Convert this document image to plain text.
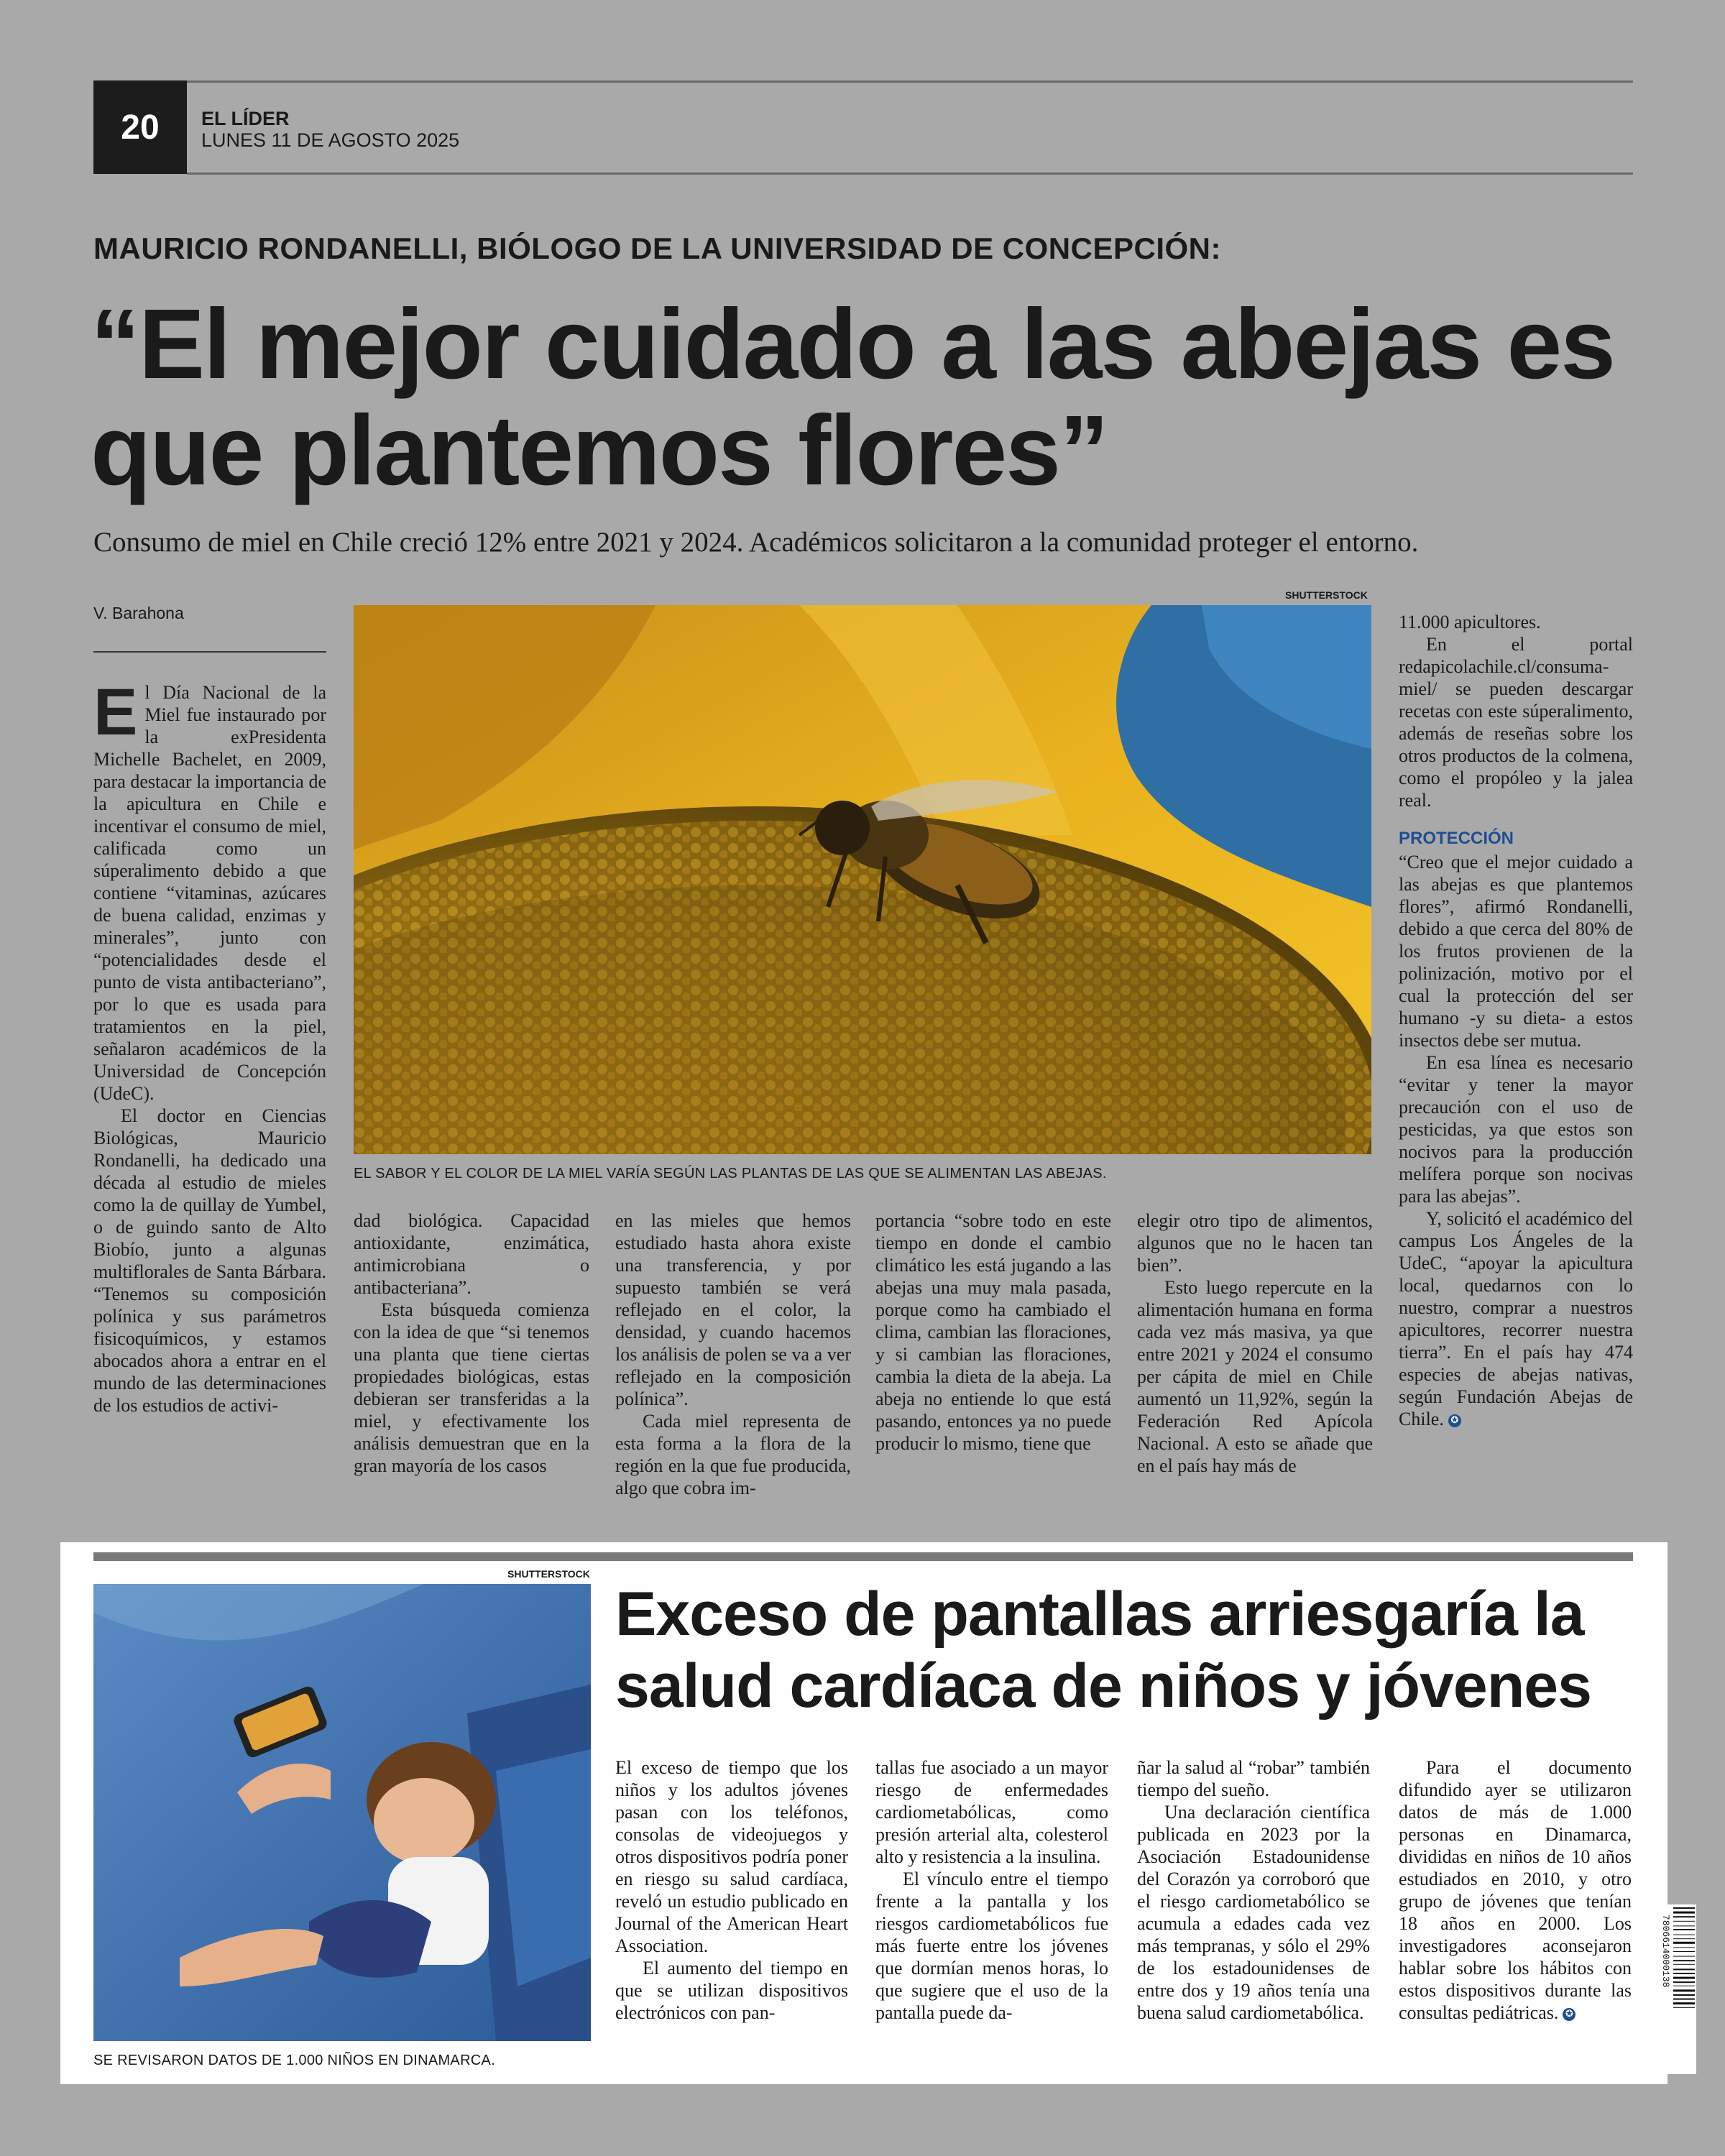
20	EL LÍDER
LUNES 11 DE AGOSTO 2025
MAURICIO RONDANELLI, BIÓLOGO DE LA UNIVERSIDAD DE CONCEPCIÓN:
“El mejor cuidado a las abejas es que plantemos flores”
Consumo de miel en Chile creció 12% entre 2021 y 2024. Académicos solicitaron a la comunidad proteger el entorno.
V. Barahona
SHUTTERSTOCK
EL SABOR Y EL COLOR DE LA MIEL VARÍA SEGÚN LAS PLANTAS DE LAS QUE SE ALIMENTAN LAS ABEJAS.

El Día Nacional de la Miel fue instaurado por la exPresidenta Michelle Bachelet, en 2009, para destacar la importancia de la apicultura en Chile e incentivar el consumo de miel, calificada como un súperalimento debido a que contiene “vitaminas, azúcares de buena calidad, enzimas y minerales”, junto con “potencialidades desde el punto de vista antibacteriano”, por lo que es usada para tratamientos en la piel, señalaron académicos de la Universidad de Concepción (UdeC).

El doctor en Ciencias Biológicas, Mauricio Rondanelli, ha dedicado una década al estudio de mieles como la de quillay de Yumbel, o de guindo santo de Alto Biobío, junto a algunas multiflorales de Santa Bárbara. “Tenemos su composición polínica y sus parámetros fisicoquímicos, y estamos abocados ahora a entrar en el mundo de las determinaciones de los estudios de activi-

dad biológica. Capacidad antioxidante, enzimática, antimicrobiana o antibacteriana”.

Esta búsqueda comienza con la idea de que “si tenemos una planta que tiene ciertas propiedades biológicas, estas debieran ser transferidas a la miel, y efectivamente los análisis demuestran que en la gran mayoría de los casos

en las mieles que hemos estudiado hasta ahora existe una transferencia, y por supuesto también se verá reflejado en el color, la densidad, y cuando hacemos los análisis de polen se va a ver reflejado en la composición polínica”.

Cada miel representa de esta forma a la flora de la región en la que fue producida, algo que cobra im-

portancia “sobre todo en este tiempo en donde el cambio climático les está jugando a las abejas una muy mala pasada, porque como ha cambiado el clima, cambian las floraciones, y si cambian las floraciones, cambia la dieta de la abeja. La abeja no entiende lo que está pasando, entonces ya no puede producir lo mismo, tiene que

elegir otro tipo de alimentos, algunos que no le hacen tan bien”.

Esto luego repercute en la alimentación humana en forma cada vez más masiva, ya que entre 2021 y 2024 el consumo per cápita de miel en Chile aumentó un 11,92%, según la Federación Red Apícola Nacional. A esto se añade que en el país hay más de

11.000 apicultores.

En el portal redapicolachile.cl/consuma-miel/ se pueden descargar recetas con este súperalimento, además de reseñas sobre los otros productos de la colmena, como el propóleo y la jalea real.

PROTECCIÓN

“Creo que el mejor cuidado a las abejas es que plantemos flores”, afirmó Rondanelli, debido a que cerca del 80% de los frutos provienen de la polinización, motivo por el cual la protección del ser humano -y su dieta- a estos insectos debe ser mutua.

En esa línea es necesario “evitar y tener la mayor precaución con el uso de pesticidas, ya que estos son nocivos para la producción melífera porque son nocivas para las abejas”.

Y, solicitó el académico del campus Los Ángeles de la UdeC, “apoyar la apicultura local, quedarnos con lo nuestro, comprar a nuestros apicultores, recorrer nuestra tierra”. En el país hay 474 especies de abejas nativas, según Fundación Abejas de Chile. ✪

SHUTTERSTOCK
SE REVISARON DATOS DE 1.000 NIÑOS EN DINAMARCA.
Exceso de pantallas arriesgaría la salud cardíaca de niños y jóvenes

El exceso de tiempo que los niños y los adultos jóvenes pasan con los teléfonos, consolas de videojuegos y otros dispositivos podría poner en riesgo su salud cardíaca, reveló un estudio publicado en Journal of the American Heart Association.

El aumento del tiempo en que se utilizan dispositivos electrónicos con pan-

tallas fue asociado a un mayor riesgo de enfermedades cardiometabólicas, como presión arterial alta, colesterol alto y resistencia a la insulina.

El vínculo entre el tiempo frente a la pantalla y los riesgos cardiometabólicos fue más fuerte entre los jóvenes que dormían menos horas, lo que sugiere que el uso de la pantalla puede da-

ñar la salud al “robar” también tiempo del sueño.

Una declaración científica publicada en 2023 por la Asociación Estadounidense del Corazón ya corroboró que el riesgo cardiometabólico se acumula a edades cada vez más tempranas, y sólo el 29% de los estadounidenses de entre dos y 19 años tenía una buena salud cardiometabólica.

Para el documento difundido ayer se utilizaron datos de más de 1.000 personas en Dinamarca, divididas en niños de 10 años estudiados en 2010, y otro grupo de jóvenes que tenían 18 años en 2000. Los investigadores aconsejaron hablar sobre los hábitos con estos dispositivos durante las consultas pediátricas. ✪

7806614000138
